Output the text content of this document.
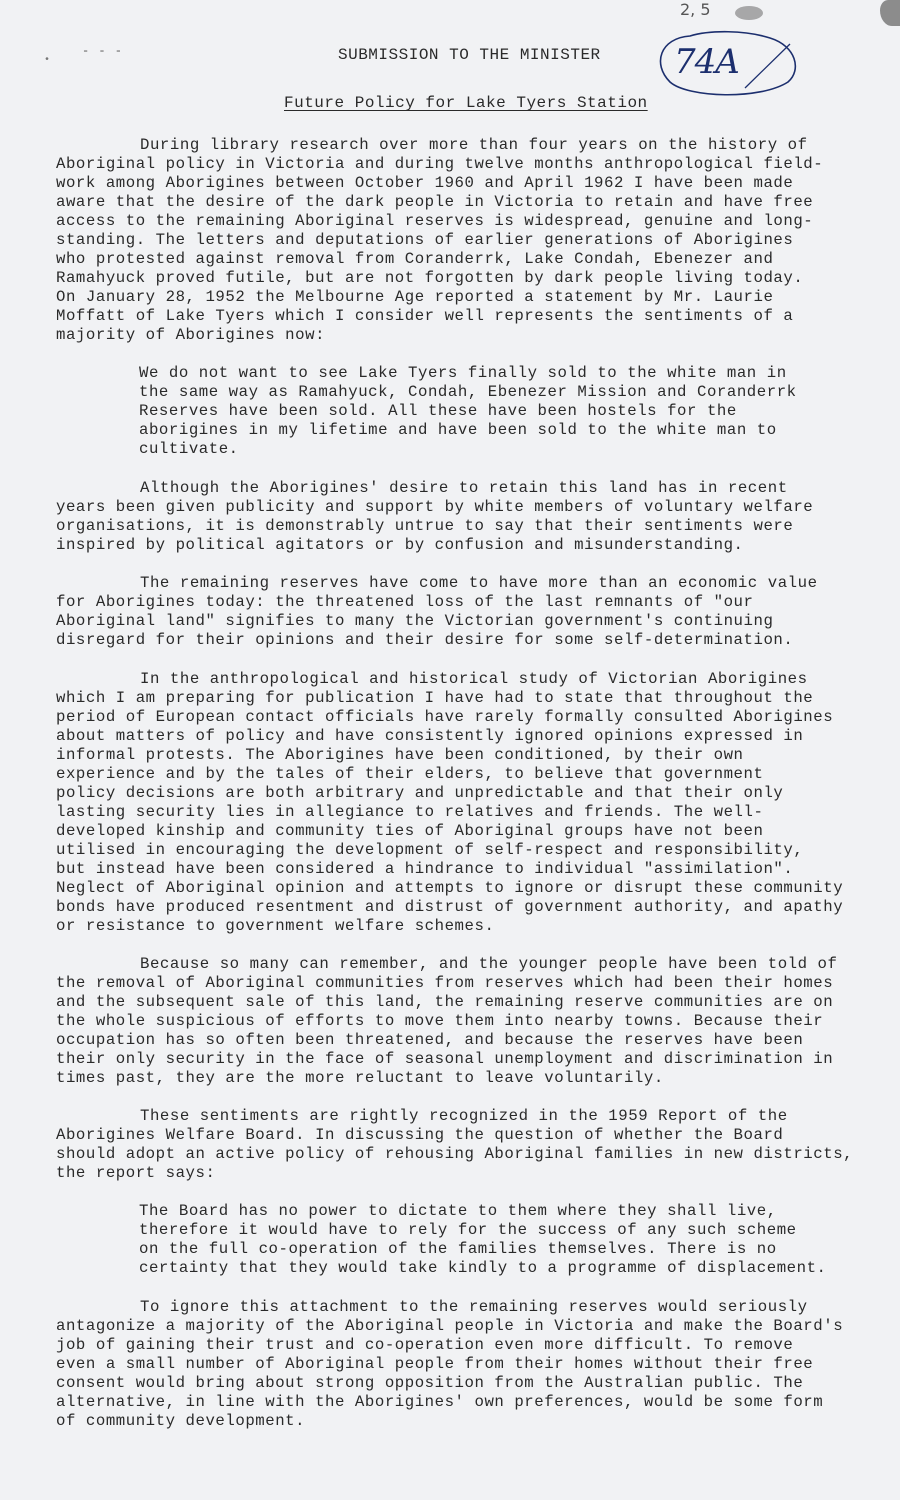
•
- - -	SUBMISSION TO THE MINISTER 74A
2, 5
Future Policy for Lake Tyers Station

During library research over more than four years on the history of
Aboriginal policy in Victoria and during twelve months anthropological field-
work among Aborigines between October 1960 and April 1962 I have been made
aware that the desire of the dark people in Victoria to retain and have free
access to the remaining Aboriginal reserves is widespread, genuine and long-
standing. The letters and deputations of earlier generations of Aborigines
who protested against removal from Coranderrk, Lake Condah, Ebenezer and
Ramahyuck proved futile, but are not forgotten by dark people living today.
On January 28, 1952 the Melbourne Age reported a statement by Mr. Laurie
Moffatt of Lake Tyers which I consider well represents the sentiments of a
majority of Aborigines now:

We do not want to see Lake Tyers finally sold to the white man in
the same way as Ramahyuck, Condah, Ebenezer Mission and Coranderrk
Reserves have been sold. All these have been hostels for the
aborigines in my lifetime and have been sold to the white man to
cultivate.

Although the Aborigines' desire to retain this land has in recent
years been given publicity and support by white members of voluntary welfare
organisations, it is demonstrably untrue to say that their sentiments were
inspired by political agitators or by confusion and misunderstanding.

The remaining reserves have come to have more than an economic value
for Aborigines today: the threatened loss of the last remnants of "our
Aboriginal land" signifies to many the Victorian government's continuing
disregard for their opinions and their desire for some self-determination.

In the anthropological and historical study of Victorian Aborigines
which I am preparing for publication I have had to state that throughout the
period of European contact officials have rarely formally consulted Aborigines
about matters of policy and have consistently ignored opinions expressed in
informal protests. The Aborigines have been conditioned, by their own
experience and by the tales of their elders, to believe that government
policy decisions are both arbitrary and unpredictable and that their only
lasting security lies in allegiance to relatives and friends. The well-
developed kinship and community ties of Aboriginal groups have not been
utilised in encouraging the development of self-respect and responsibility,
but instead have been considered a hindrance to individual "assimilation".
Neglect of Aboriginal opinion and attempts to ignore or disrupt these community
bonds have produced resentment and distrust of government authority, and apathy
or resistance to government welfare schemes.

Because so many can remember, and the younger people have been told of
the removal of Aboriginal communities from reserves which had been their homes
and the subsequent sale of this land, the remaining reserve communities are on
the whole suspicious of efforts to move them into nearby towns. Because their
occupation has so often been threatened, and because the reserves have been
their only security in the face of seasonal unemployment and discrimination in
times past, they are the more reluctant to leave voluntarily.

These sentiments are rightly recognized in the 1959 Report of the
Aborigines Welfare Board. In discussing the question of whether the Board
should adopt an active policy of rehousing Aboriginal families in new districts,
the report says:

The Board has no power to dictate to them where they shall live,
therefore it would have to rely for the success of any such scheme
on the full co-operation of the families themselves. There is no
certainty that they would take kindly to a programme of displacement.

To ignore this attachment to the remaining reserves would seriously
antagonize a majority of the Aboriginal people in Victoria and make the Board's
job of gaining their trust and co-operation even more difficult. To remove
even a small number of Aboriginal people from their homes without their free
consent would bring about strong opposition from the Australian public. The
alternative, in line with the Aborigines' own preferences, would be some form
of community development.
